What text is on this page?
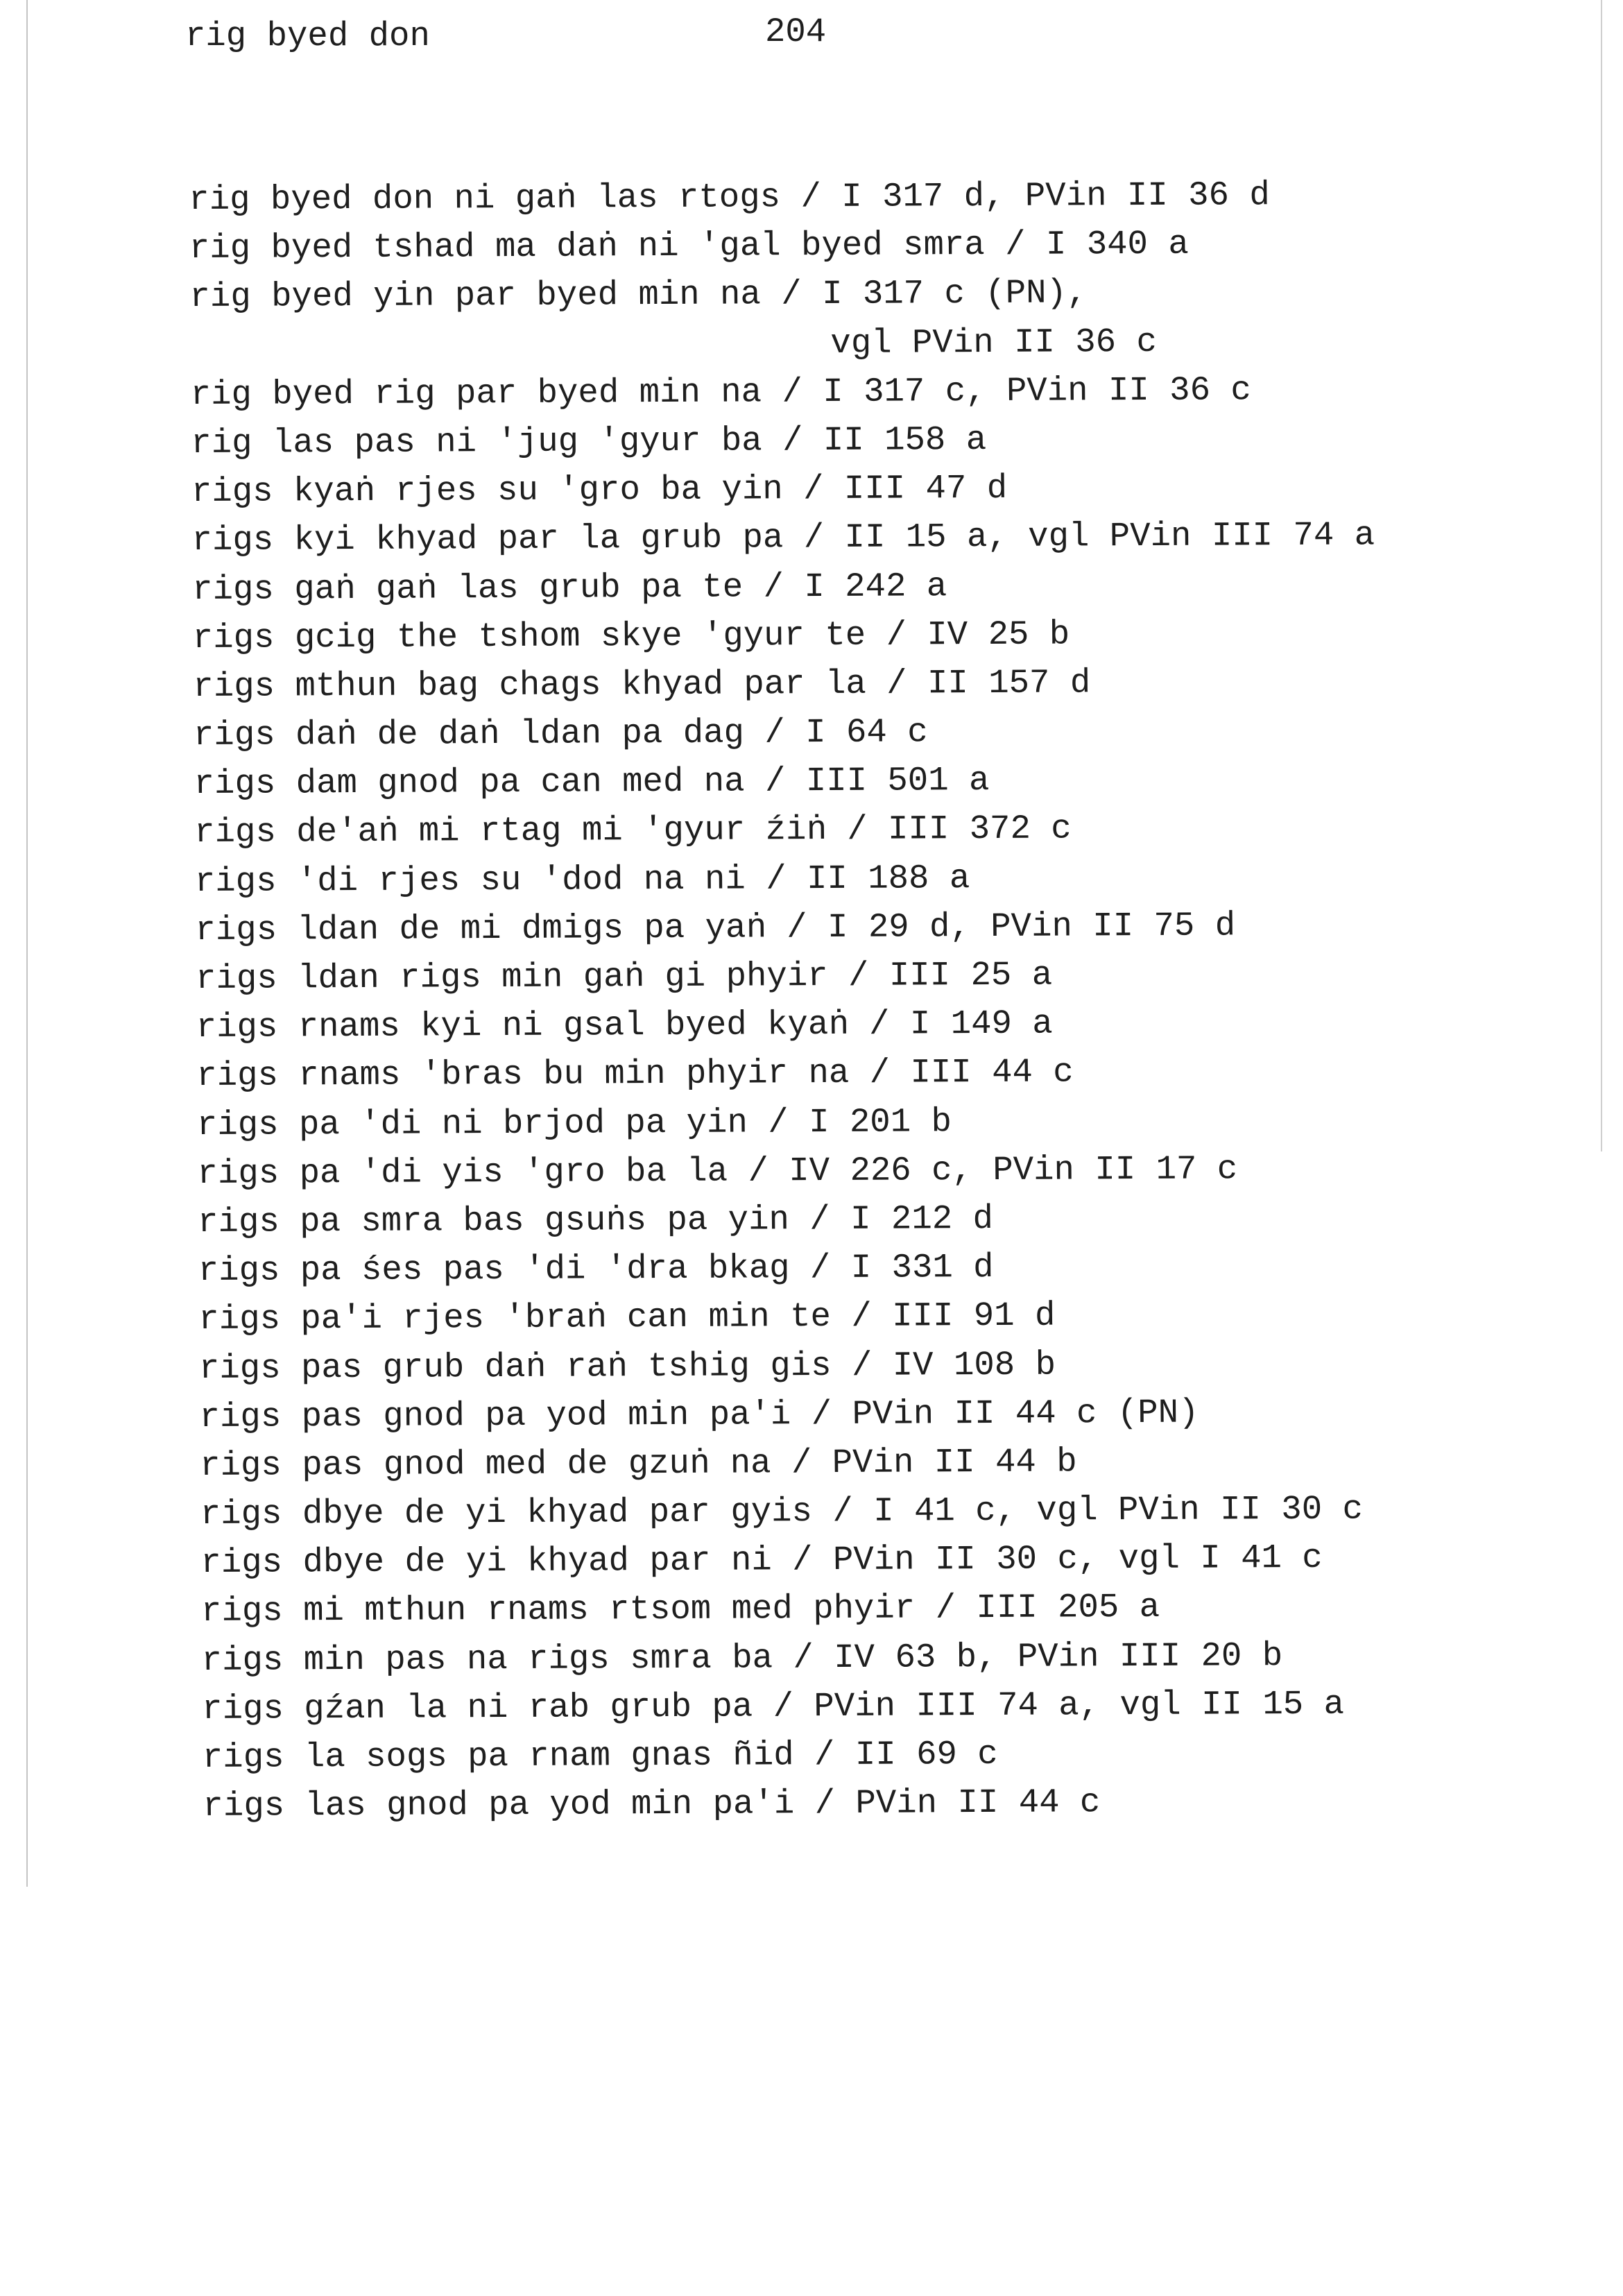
rig byed don	204
rig byed don ni gaṅ las rtogs / I 317 d, PVin II 36 d
rig byed tshad ma daṅ ni 'gal byed smra / I 340 a
rig byed yin par byed min na / I 317 c (PN),
vgl PVin II 36 c
rig byed rig par byed min na / I 317 c, PVin II 36 c
rig las pas ni 'jug 'gyur ba / II 158 a
rigs kyaṅ rjes su 'gro ba yin / III 47 d
rigs kyi khyad par la grub pa / II 15 a, vgl PVin III 74 a
rigs gaṅ gaṅ las grub pa te / I 242 a
rigs gcig the tshom skye 'gyur te / IV 25 b
rigs mthun bag chags khyad par la / II 157 d
rigs daṅ de daṅ ldan pa dag / I 64 c
rigs dam gnod pa can med na / III 501 a
rigs de'aṅ mi rtag mi 'gyur źiṅ / III 372 c
rigs 'di rjes su 'dod na ni / II 188 a
rigs ldan de mi dmigs pa yaṅ / I 29 d, PVin II 75 d
rigs ldan rigs min gaṅ gi phyir / III 25 a
rigs rnams kyi ni gsal byed kyaṅ / I 149 a
rigs rnams 'bras bu min phyir na / III 44 c
rigs pa 'di ni brjod pa yin / I 201 b
rigs pa 'di yis 'gro ba la / IV 226 c, PVin II 17 c
rigs pa smra bas gsuṅs pa yin / I 212 d
rigs pa śes pas 'di 'dra bkag / I 331 d
rigs pa'i rjes 'braṅ can min te / III 91 d
rigs pas grub daṅ raṅ tshig gis / IV 108 b
rigs pas gnod pa yod min pa'i / PVin II 44 c (PN)
rigs pas gnod med de gzuṅ na / PVin II 44 b
rigs dbye de yi khyad par gyis / I 41 c, vgl PVin II 30 c
rigs dbye de yi khyad par ni / PVin II 30 c, vgl I 41 c
rigs mi mthun rnams rtsom med phyir / III 205 a
rigs min pas na rigs smra ba / IV 63 b, PVin III 20 b
rigs gźan la ni rab grub pa / PVin III 74 a, vgl II 15 a
rigs la sogs pa rnam gnas ñid / II 69 c
rigs las gnod pa yod min pa'i / PVin II 44 c
